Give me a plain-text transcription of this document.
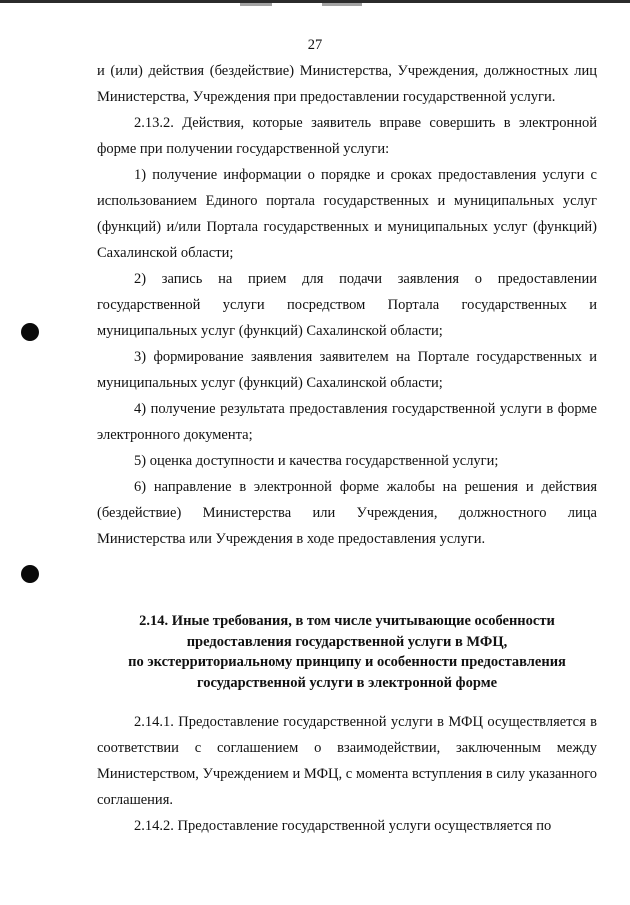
27

и (или) действия (бездействие) Министерства, Учреждения, должностных лиц Министерства, Учреждения при предоставлении государственной услуги.

2.13.2. Действия, которые заявитель вправе совершить в электронной форме при получении государственной услуги:

1) получение информации о порядке и сроках предоставления услуги с использованием Единого портала государственных и муниципальных услуг (функций) и/или Портала государственных и муниципальных услуг (функций) Сахалинской области;

2) запись на прием для подачи заявления о предоставлении государственной услуги посредством Портала государственных и муниципальных услуг (функций) Сахалинской области;

3) формирование заявления заявителем на Портале государственных и муниципальных услуг (функций) Сахалинской области;

4) получение результата предоставления государственной услуги в форме электронного документа;

5) оценка доступности и качества государственной услуги;

6) направление в электронной форме жалобы на решения и действия (бездействие) Министерства или Учреждения, должностного лица Министерства или Учреждения в ходе предоставления услуги.

2.14. Иные требования, в том числе учитывающие особенности
предоставления государственной услуги в МФЦ,
по экстерриториальному принципу и особенности предоставления
государственной услуги в электронной форме

2.14.1. Предоставление государственной услуги в МФЦ осуществляется в соответствии с соглашением о взаимодействии, заключенным между Министерством, Учреждением и МФЦ, с момента вступления в силу указанного соглашения.

2.14.2. Предоставление государственной услуги осуществляется по
